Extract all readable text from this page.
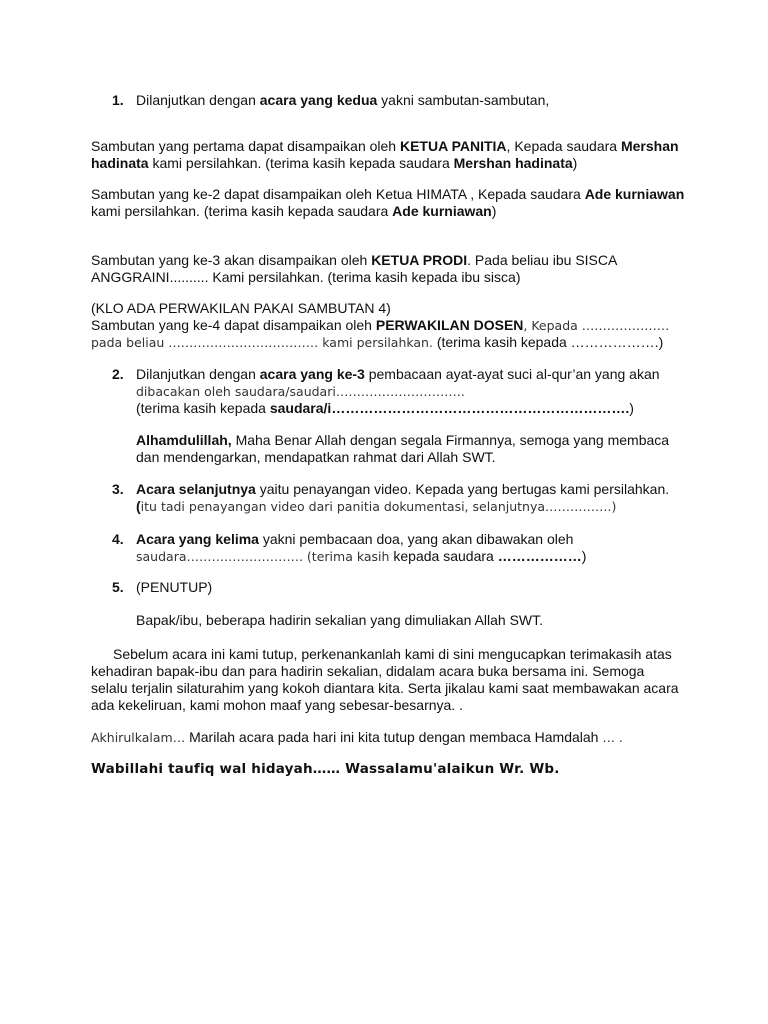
1. Dilanjutkan dengan acara yang kedua yakni sambutan-sambutan,
Sambutan yang pertama dapat disampaikan oleh KETUA PANITIA, Kepada saudara Mershan hadinata kami persilahkan. (terima kasih kepada saudara Mershan hadinata)
Sambutan yang ke-2 dapat disampaikan oleh Ketua HIMATA , Kepada saudara Ade kurniawan kami persilahkan. (terima kasih kepada saudara Ade kurniawan)
Sambutan yang ke-3 akan disampaikan oleh KETUA PRODI. Pada beliau ibu SISCA ANGGRAINI.......... Kami persilahkan. (terima kasih kepada ibu sisca)
(KLO ADA PERWAKILAN PAKAI SAMBUTAN 4)
Sambutan yang ke-4 dapat disampaikan oleh PERWAKILAN DOSEN, Kepada …………………
pada beliau ……………………………… kami persilahkan. (terima kasih kepada ……………….)
2. Dilanjutkan dengan acara yang ke-3 pembacaan ayat-ayat suci al-qur’an yang akan
dibacakan oleh saudara/saudari………………………….
(terima kasih kepada saudara/i……………………………………………………….)
Alhamdulillah, Maha Benar Allah dengan segala Firmannya, semoga yang membaca dan mendengarkan, mendapatkan rahmat dari Allah SWT.
3. Acara selanjutnya yaitu penayangan video. Kepada yang bertugas kami persilahkan.
(itu tadi penayangan video dari panitia dokumentasi, selanjutnya…………….)
4. Acara yang kelima yakni pembacaan doa, yang akan dibawakan oleh
saudara………………………. (terima kasih kepada saudara ………………)
5. (PENUTUP)
Bapak/ibu, beberapa hadirin sekalian yang dimuliakan Allah SWT.
Sebelum acara ini kami tutup, perkenankanlah kami di sini mengucapkan terimakasih atas kehadiran bapak-ibu dan para hadirin sekalian, didalam acara buka bersama ini. Semoga selalu terjalin silaturahim yang kokoh diantara kita. Serta jikalau kami saat membawakan acara ada kekeliruan, kami mohon maaf yang sebesar-besarnya. .
Akhirulkalam… Marilah acara pada hari ini kita tutup dengan membaca Hamdalah … .
Wabillahi taufiq wal hidayah…… Wassalamu'alaikun Wr. Wb.
